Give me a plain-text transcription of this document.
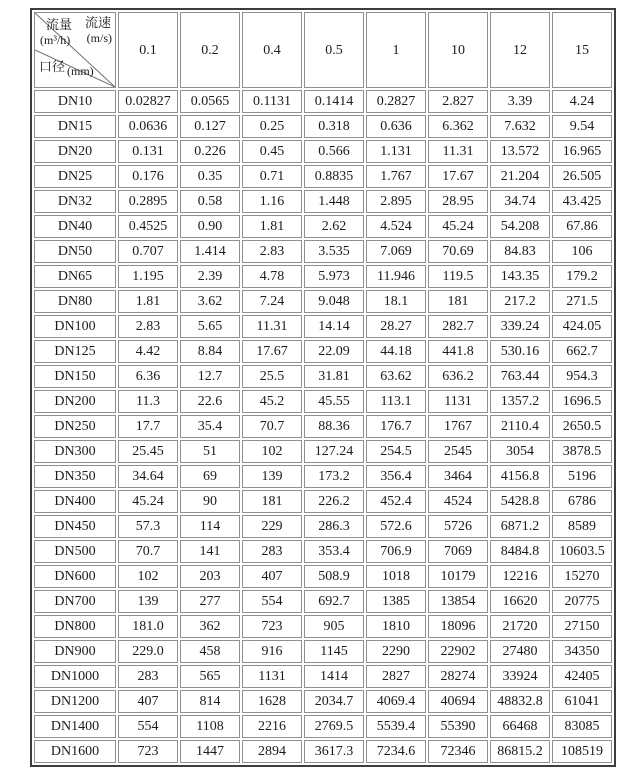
流量
(m³/h)
流速
(m/s)
口径 (mm)
	0.1	0.2	0.4	0.5	1	10	12	15
DN10	0.02827	0.0565	0.1131	0.1414	0.2827	2.827	3.39	4.24
DN15	0.0636	0.127	0.25	0.318	0.636	6.362	7.632	9.54
DN20	0.131	0.226	0.45	0.566	1.131	11.31	13.572	16.965
DN25	0.176	0.35	0.71	0.8835	1.767	17.67	21.204	26.505
DN32	0.2895	0.58	1.16	1.448	2.895	28.95	34.74	43.425
DN40	0.4525	0.90	1.81	2.62	4.524	45.24	54.208	67.86
DN50	0.707	1.414	2.83	3.535	7.069	70.69	84.83	106
DN65	1.195	2.39	4.78	5.973	11.946	119.5	143.35	179.2
DN80	1.81	3.62	7.24	9.048	18.1	181	217.2	271.5
DN100	2.83	5.65	11.31	14.14	28.27	282.7	339.24	424.05
DN125	4.42	8.84	17.67	22.09	44.18	441.8	530.16	662.7
DN150	6.36	12.7	25.5	31.81	63.62	636.2	763.44	954.3
DN200	11.3	22.6	45.2	45.55	113.1	1131	1357.2	1696.5
DN250	17.7	35.4	70.7	88.36	176.7	1767	2110.4	2650.5
DN300	25.45	51	102	127.24	254.5	2545	3054	3878.5
DN350	34.64	69	139	173.2	356.4	3464	4156.8	5196
DN400	45.24	90	181	226.2	452.4	4524	5428.8	6786
DN450	57.3	114	229	286.3	572.6	5726	6871.2	8589
DN500	70.7	141	283	353.4	706.9	7069	8484.8	10603.5
DN600	102	203	407	508.9	1018	10179	12216	15270
DN700	139	277	554	692.7	1385	13854	16620	20775
DN800	181.0	362	723	905	1810	18096	21720	27150
DN900	229.0	458	916	1145	2290	22902	27480	34350
DN1000	283	565	1131	1414	2827	28274	33924	42405
DN1200	407	814	1628	2034.7	4069.4	40694	48832.8	61041
DN1400	554	1108	2216	2769.5	5539.4	55390	66468	83085
DN1600	723	1447	2894	3617.3	7234.6	72346	86815.2	108519
